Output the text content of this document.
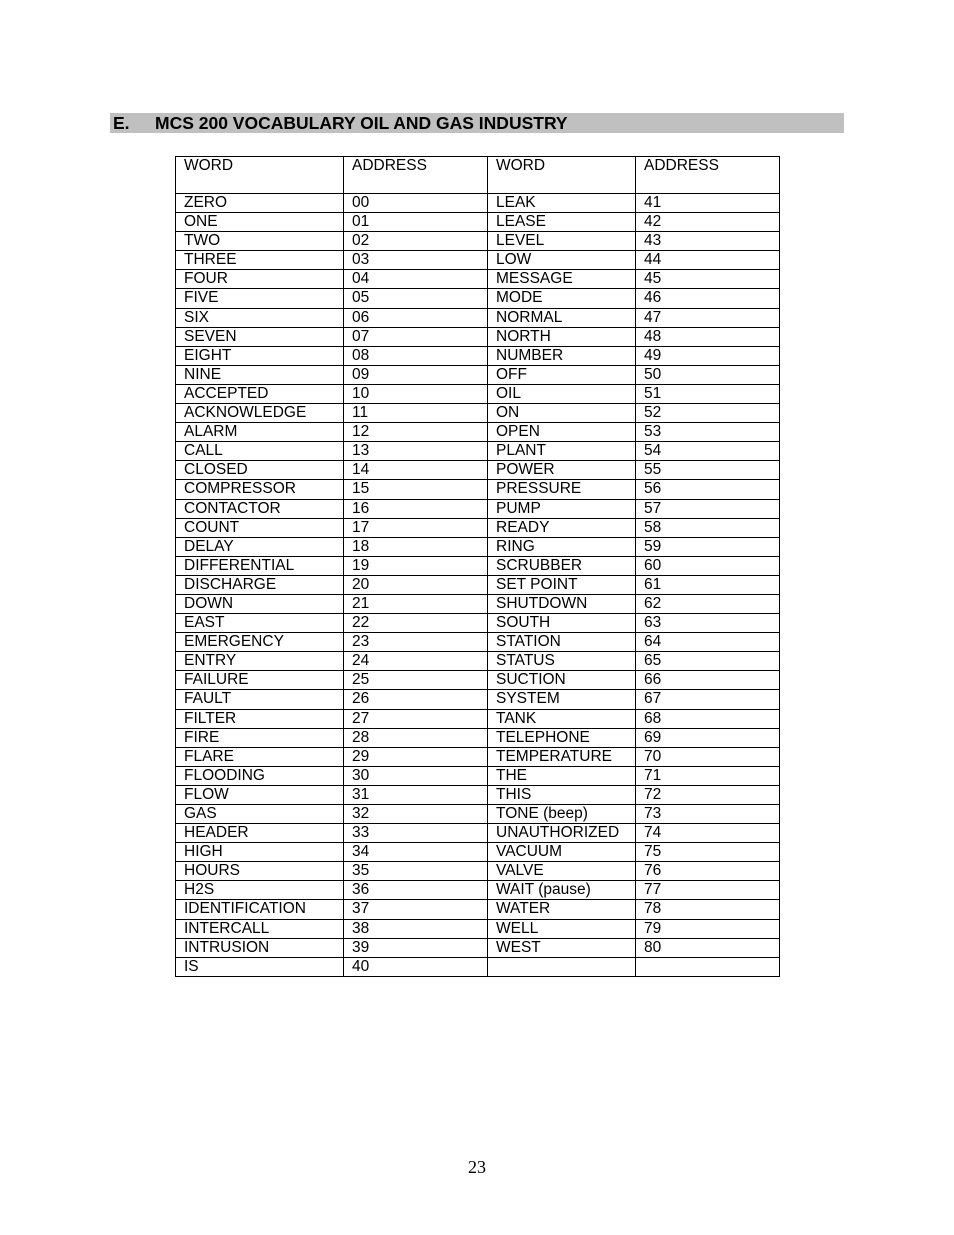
E. MCS 200 VOCABULARY OIL AND GAS INDUSTRY
WORD	ADDRESS	WORD	ADDRESS
ZERO	00	LEAK	41
ONE	01	LEASE	42
TWO	02	LEVEL	43
THREE	03	LOW	44
FOUR	04	MESSAGE	45
FIVE	05	MODE	46
SIX	06	NORMAL	47
SEVEN	07	NORTH	48
EIGHT	08	NUMBER	49
NINE	09	OFF	50
ACCEPTED	10	OIL	51
ACKNOWLEDGE	11	ON	52
ALARM	12	OPEN	53
CALL	13	PLANT	54
CLOSED	14	POWER	55
COMPRESSOR	15	PRESSURE	56
CONTACTOR	16	PUMP	57
COUNT	17	READY	58
DELAY	18	RING	59
DIFFERENTIAL	19	SCRUBBER	60
DISCHARGE	20	SET POINT	61
DOWN	21	SHUTDOWN	62
EAST	22	SOUTH	63
EMERGENCY	23	STATION	64
ENTRY	24	STATUS	65
FAILURE	25	SUCTION	66
FAULT	26	SYSTEM	67
FILTER	27	TANK	68
FIRE	28	TELEPHONE	69
FLARE	29	TEMPERATURE	70
FLOODING	30	THE	71
FLOW	31	THIS	72
GAS	32	TONE (beep)	73
HEADER	33	UNAUTHORIZED	74
HIGH	34	VACUUM	75
HOURS	35	VALVE	76
H2S	36	WAIT (pause)	77
IDENTIFICATION	37	WATER	78
INTERCALL	38	WELL	79
INTRUSION	39	WEST	80
IS	40		
23
